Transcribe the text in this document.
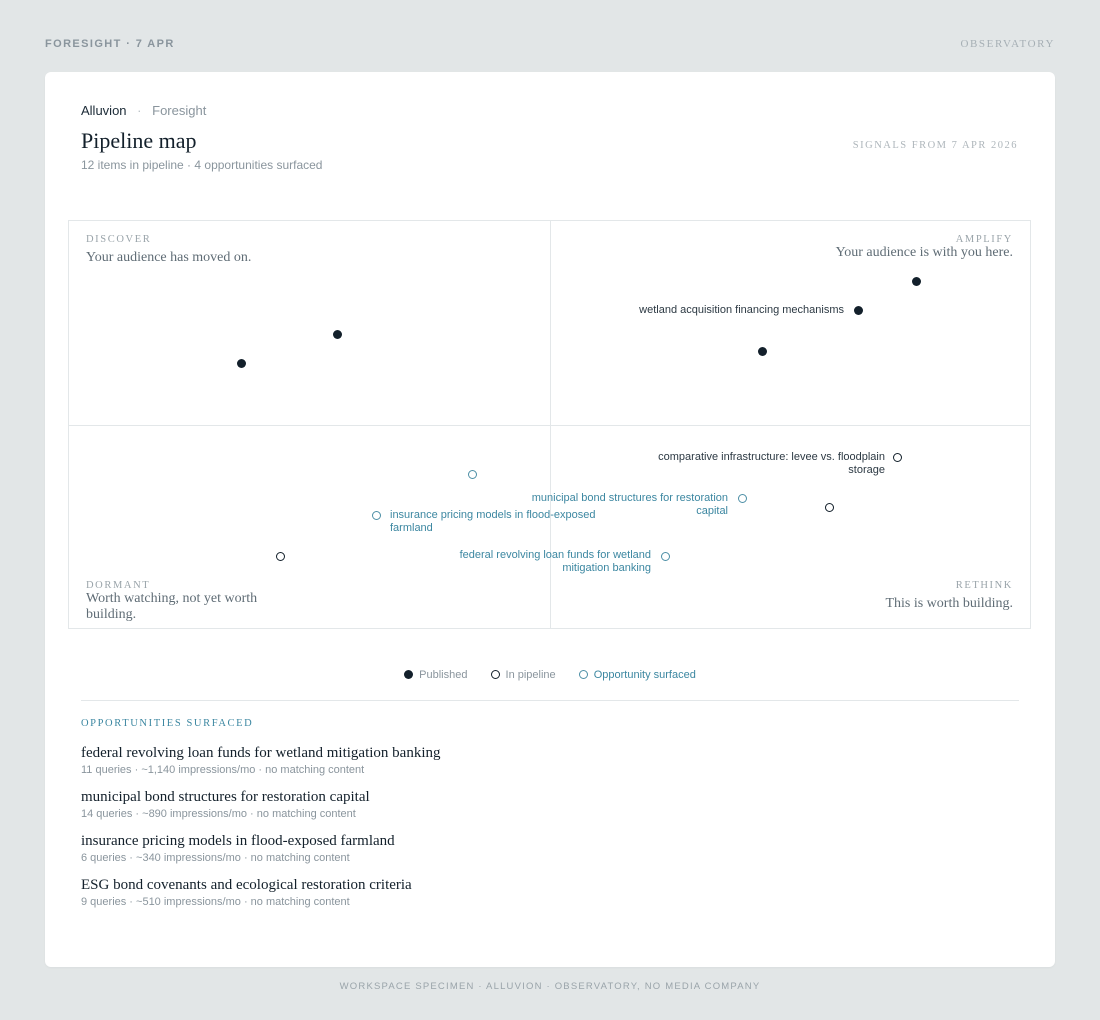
FORESIGHT · 7 APR	OBSERVATORY
Alluvion · Foresight
Pipeline map
12 items in pipeline · 4 opportunities surfaced
SIGNALS FROM 7 APR 2026
DISCOVER
Your audience has moved on.
AMPLIFY
Your audience is with you here.
DORMANT
Worth watching, not yet worth building.
RETHINK
This is worth building.
wetland acquisition financing mechanisms
comparative infrastructure: levee vs. floodplain storage
insurance pricing models in flood-exposed farmland
municipal bond structures for restoration capital
federal revolving loan funds for wetland mitigation banking
Published	In pipeline	Opportunity surfaced
OPPORTUNITIES SURFACED
federal revolving loan funds for wetland mitigation banking
11 queries · ~1,140 impressions/mo · no matching content
municipal bond structures for restoration capital
14 queries · ~890 impressions/mo · no matching content
insurance pricing models in flood-exposed farmland
6 queries · ~340 impressions/mo · no matching content
ESG bond covenants and ecological restoration criteria
9 queries · ~510 impressions/mo · no matching content
WORKSPACE SPECIMEN · ALLUVION · OBSERVATORY, NO MEDIA COMPANY
